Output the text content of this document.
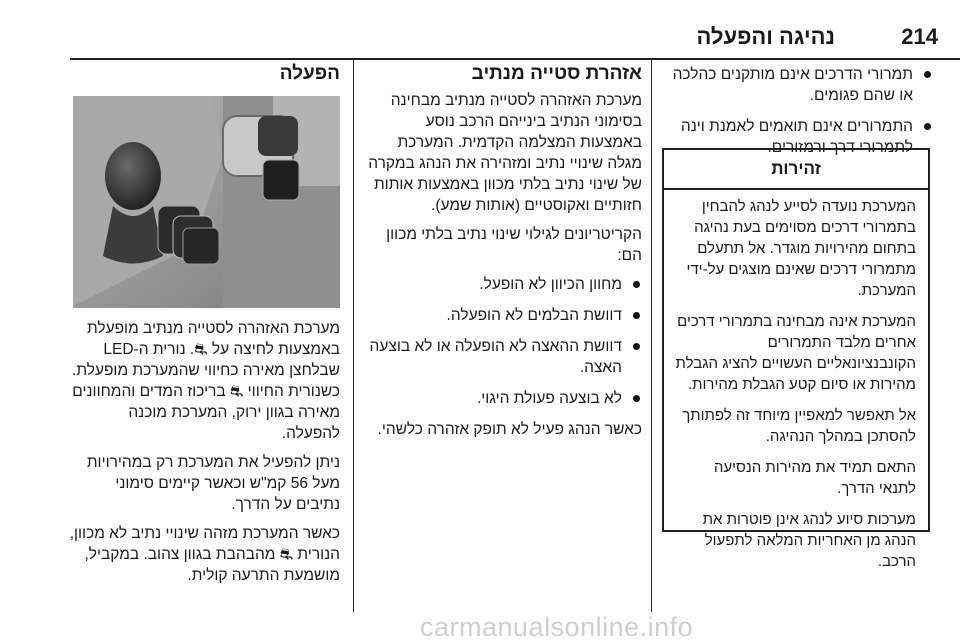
214
נהיגה והפעלה
תמרורי הדרכים אינם מותקנים כהלכה או שהם פגומים.
התמרורים אינם תואמים לאמנת וינה לתמרורי דרך ורמזורים.
זהירות

המערכת נועדה לסייע לנהג להבחין בתמרורי דרכים מסוימים בעת נהיגה בתחום מהירויות מוגדר. אל תתעלם מתמרורי דרכים שאינם מוצגים על-ידי המערכת.

המערכת אינה מבחינה בתמרורי דרכים אחרים מלבד התמרורים הקונבנציונאליים העשויים להציג הגבלת מהירות או סיום קטע הגבלת מהירות.

אל תאפשר למאפיין מיוחד זה לפתותך להסתכן במהלך הנהיגה.

התאם תמיד את מהירות הנסיעה לתנאי הדרך.

מערכות סיוע לנהג אינן פוטרות את הנהג מן האחריות המלאה לתפעול הרכב.

אזהרת סטייה מנתיב

מערכת האזהרה לסטייה מנתיב מבחינה בסימוני הנתיב בינייהם הרכב נוסע באמצעות המצלמה הקדמית. המערכת מגלה שינויי נתיב ומזהירה את הנהג במקרה של שינוי נתיב בלתי מכוון באמצעות אותות חזותיים ואקוסטיים (אותות שמע).

הקריטריונים לגילוי שינוי נתיב בלתי מכוון הם:

מחוון הכיוון לא הופעל.
דוושת הבלמים לא הופעלה.
דוושת ההאצה לא הופעלה או לא בוצעה האצה.
לא בוצעה פעולת היגוי.

כאשר הנהג פעיל לא תופק אזהרה כלשהי.

הפעלה

מערכת האזהרה לסטייה מנתיב מופעלת באמצעות לחיצה על ⛐. נורית ה-LED שבלחצן מאירה כחיווי שהמערכת מופעלת. כשנורית החיווי ⛐ בריכוז המדים והמחוונים מאירה בגוון ירוק, המערכת מוכנה להפעלה.

ניתן להפעיל את המערכת רק במהירויות מעל 56 קמ"ש וכאשר קיימים סימוני נתיבים על הדרך.

כאשר המערכת מזהה שינויי נתיב לא מכוון, הנורית ⛐ מהבהבת בגוון צהוב. במקביל, מושמעת התרעה קולית.

carmanualsonline.info
